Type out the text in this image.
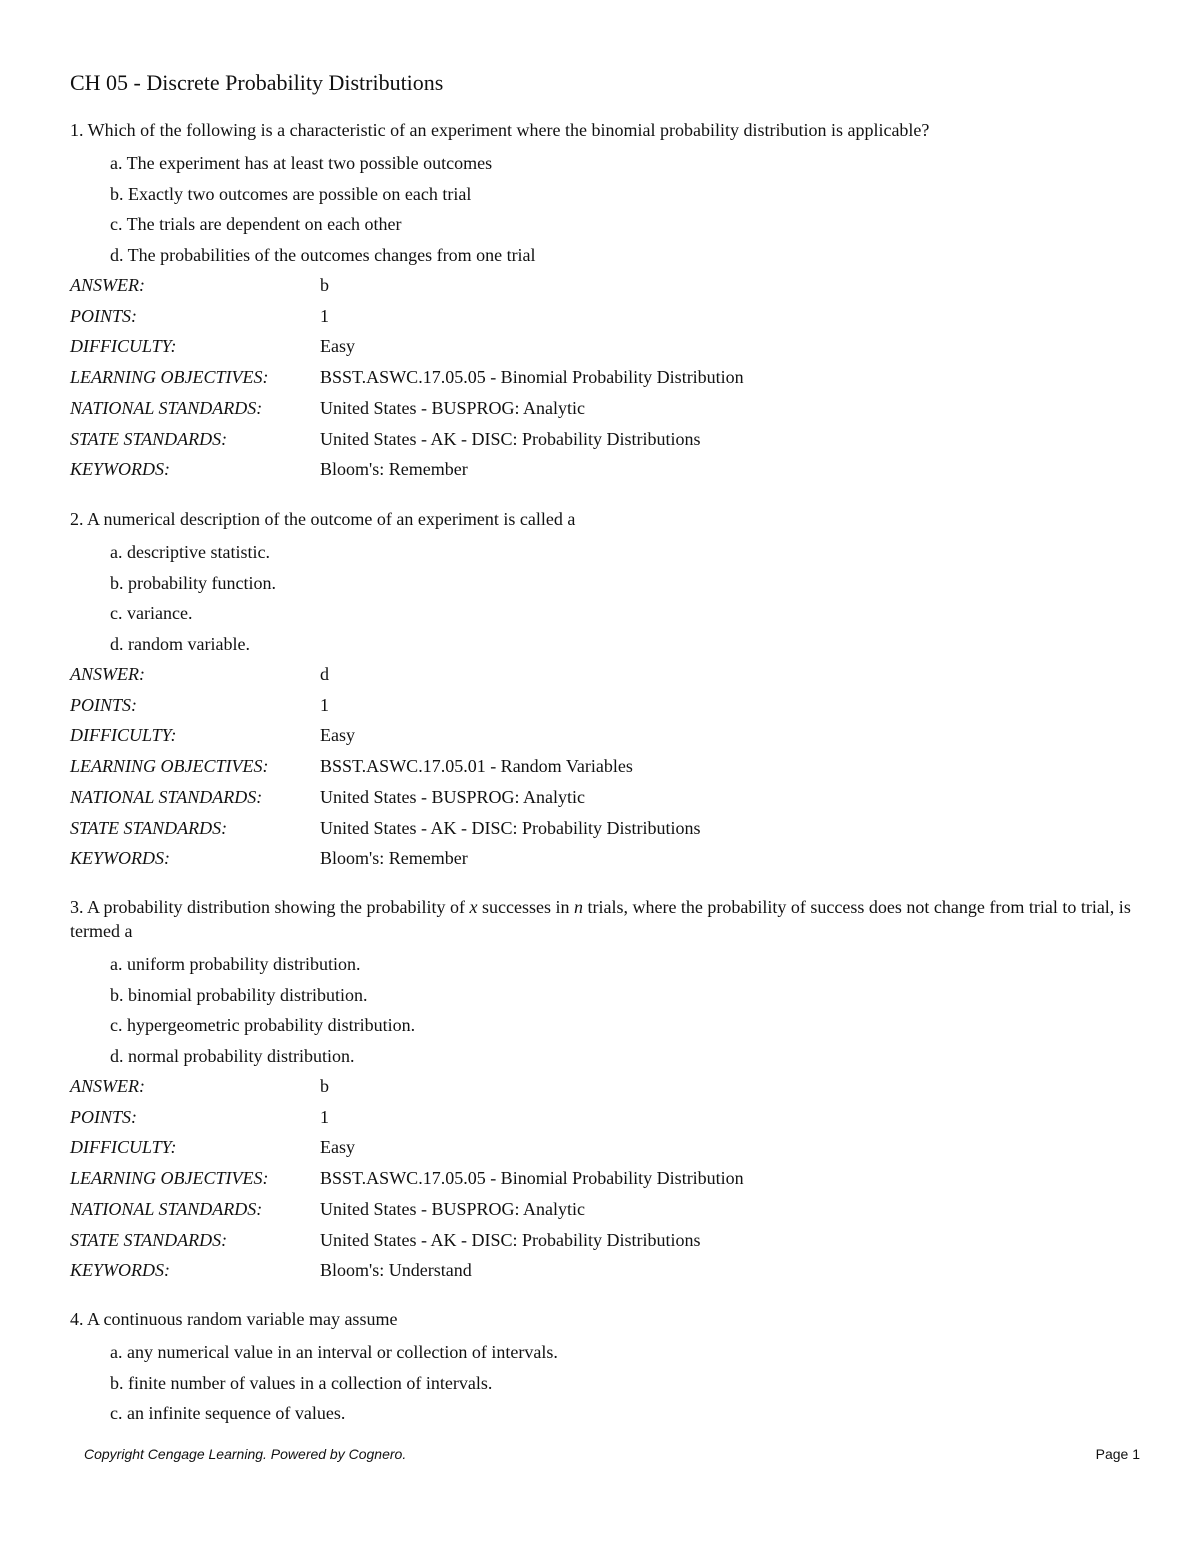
CH 05 - Discrete Probability Distributions

1. Which of the following is a characteristic of an experiment where the binomial probability distribution is applicable?

a. The experiment has at least two possible outcomes
b. Exactly two outcomes are possible on each trial
c. The trials are dependent on each other
d. The probabilities of the outcomes changes from one trial
ANSWER:	b
POINTS:	1
DIFFICULTY:	Easy
LEARNING OBJECTIVES:	BSST.ASWC.17.05.05 - Binomial Probability Distribution
NATIONAL STANDARDS:	United States - BUSPROG: Analytic
STATE STANDARDS:	United States - AK - DISC: Probability Distributions
KEYWORDS:	Bloom's: Remember

2. A numerical description of the outcome of an experiment is called a

a. descriptive statistic.
b. probability function.
c. variance.
d. random variable.
ANSWER:	d
POINTS:	1
DIFFICULTY:	Easy
LEARNING OBJECTIVES:	BSST.ASWC.17.05.01 - Random Variables
NATIONAL STANDARDS:	United States - BUSPROG: Analytic
STATE STANDARDS:	United States - AK - DISC: Probability Distributions
KEYWORDS:	Bloom's: Remember

3. A probability distribution showing the probability of x successes in n trials, where the probability of success does not change from trial to trial, is termed a

a. uniform probability distribution.
b. binomial probability distribution.
c. hypergeometric probability distribution.
d. normal probability distribution.
ANSWER:	b
POINTS:	1
DIFFICULTY:	Easy
LEARNING OBJECTIVES:	BSST.ASWC.17.05.05 - Binomial Probability Distribution
NATIONAL STANDARDS:	United States - BUSPROG: Analytic
STATE STANDARDS:	United States - AK - DISC: Probability Distributions
KEYWORDS:	Bloom's: Understand

4. A continuous random variable may assume

a. any numerical value in an interval or collection of intervals.
b. finite number of values in a collection of intervals.
c. an infinite sequence of values.
Copyright Cengage Learning. Powered by Cognero.	Page 1
